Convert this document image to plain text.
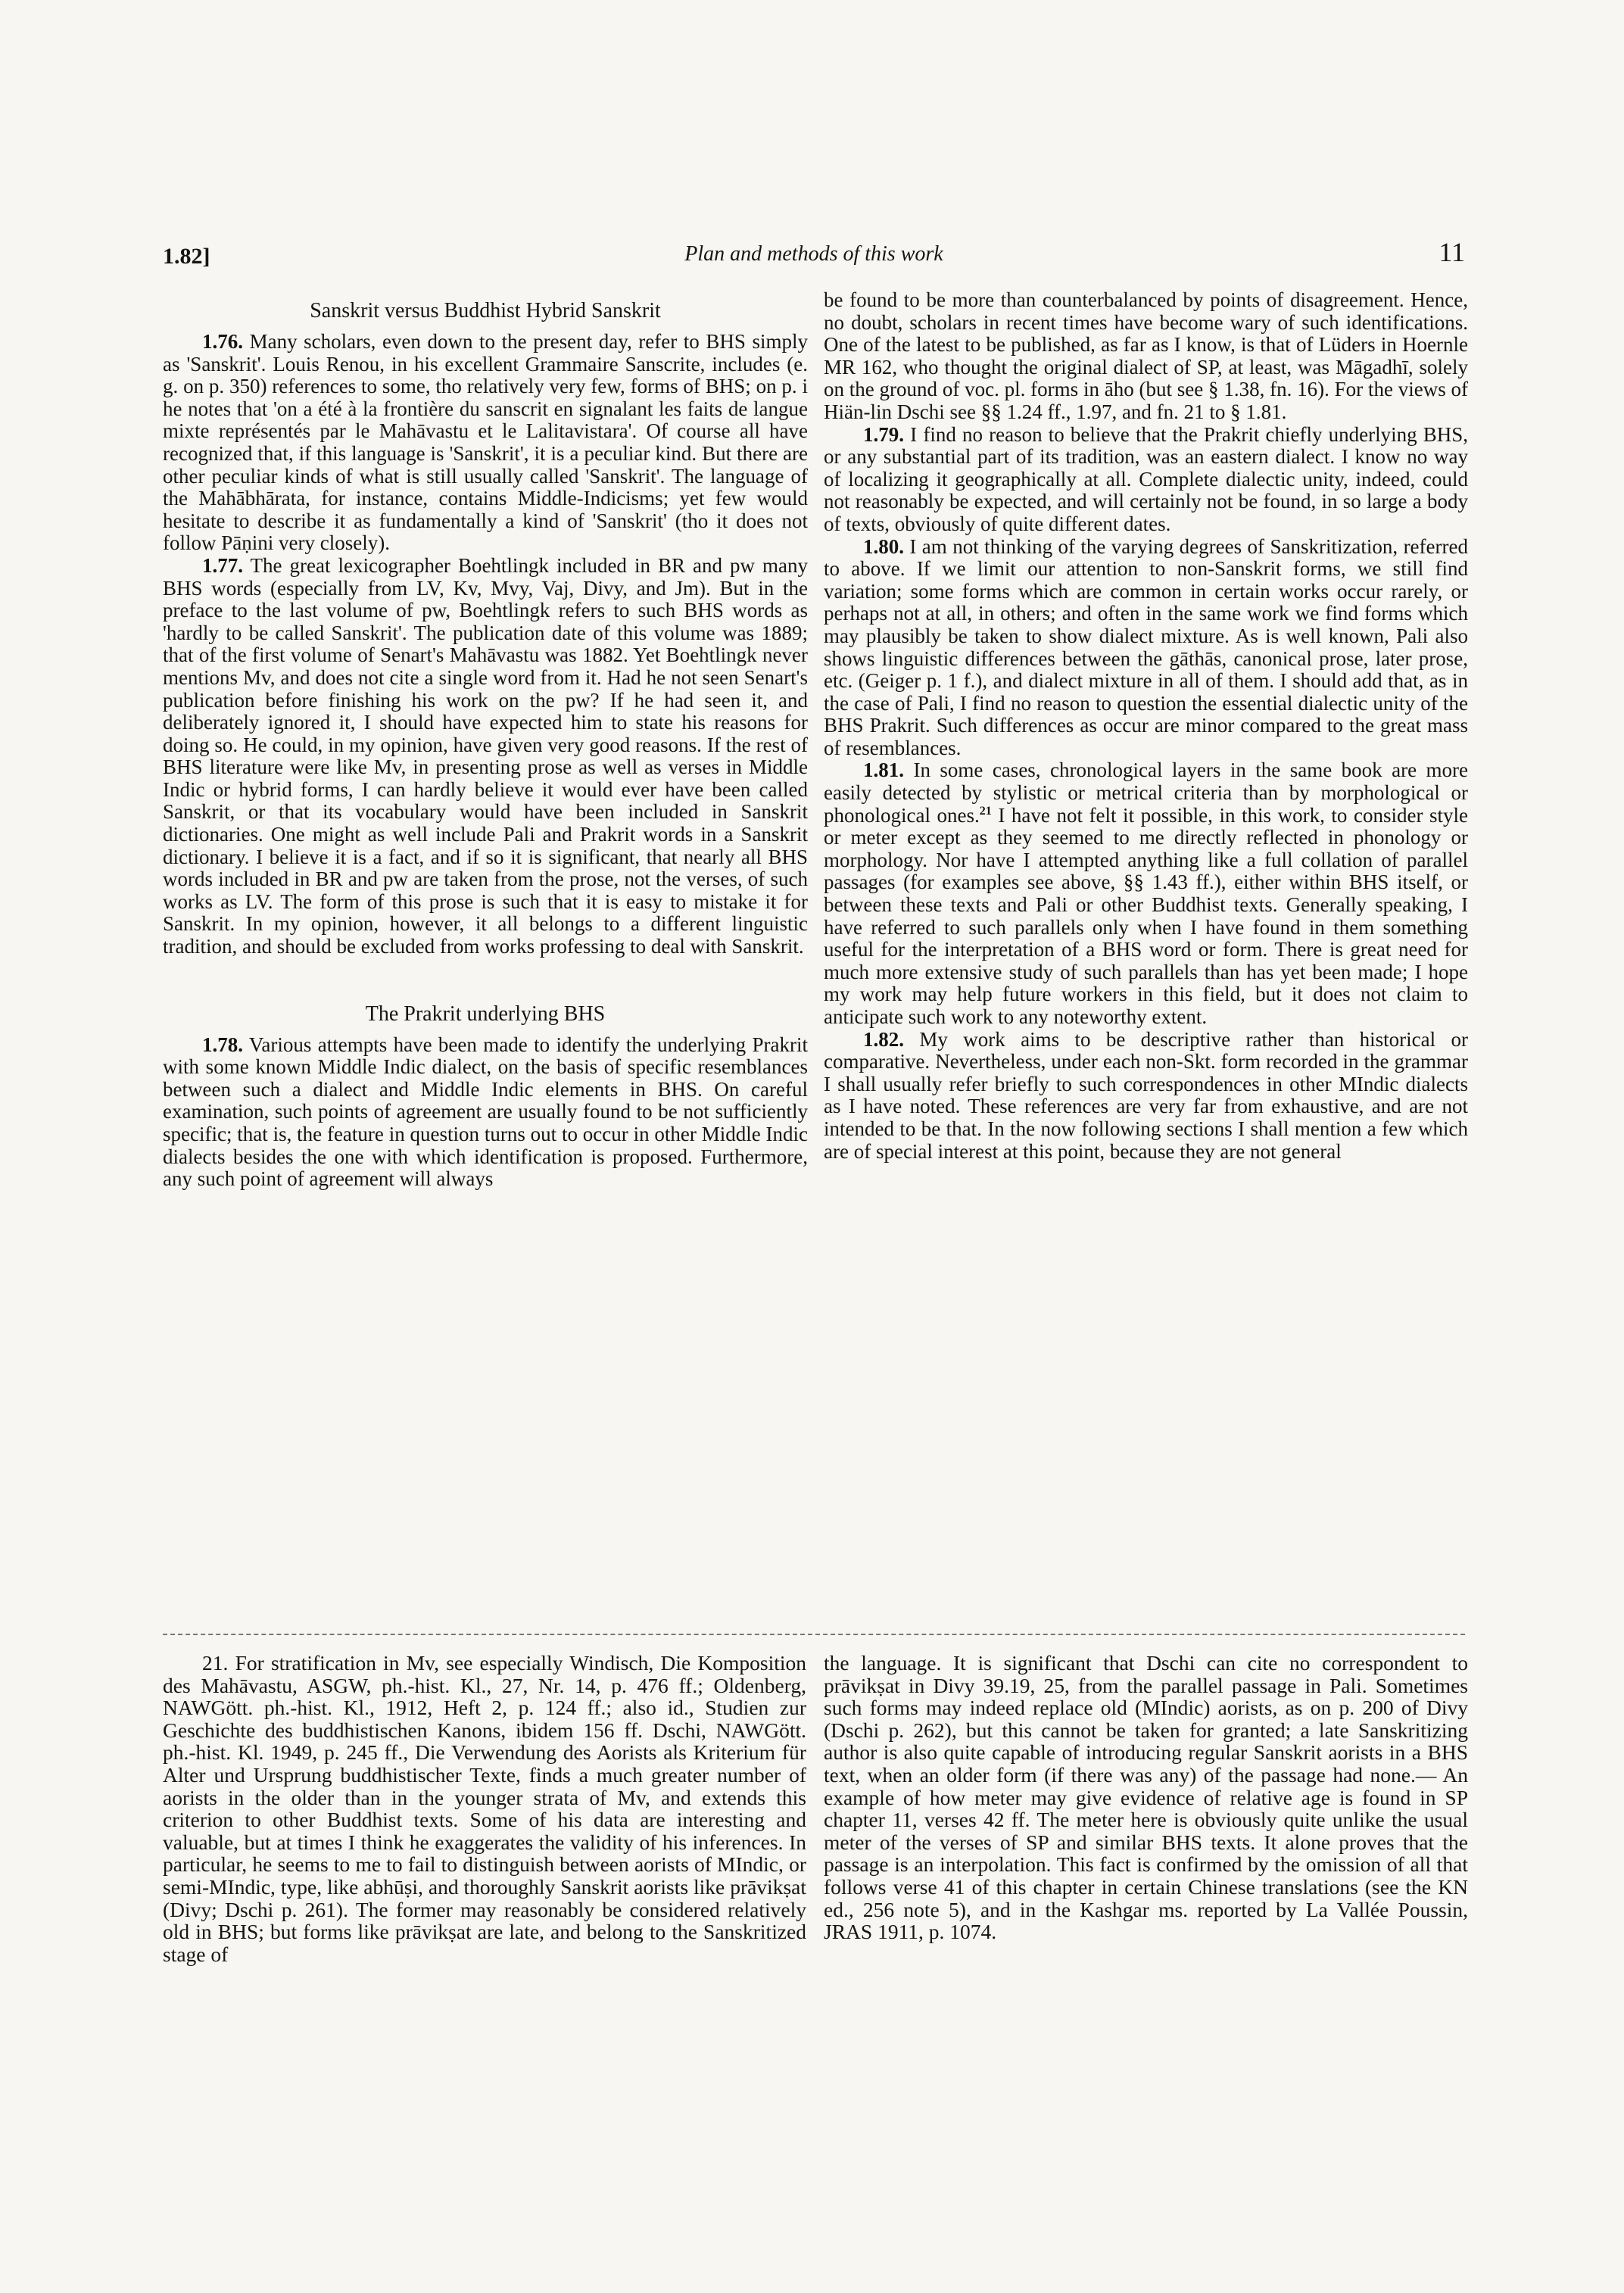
1.82]	Plan and methods of this work	11
Sanskrit versus Buddhist Hybrid Sanskrit

1.76. Many scholars, even down to the present day, refer to BHS simply as 'Sanskrit'. Louis Renou, in his excellent Grammaire Sanscrite, includes (e. g. on p. 350) references to some, tho relatively very few, forms of BHS; on p. i he notes that 'on a été à la frontière du sanscrit en signalant les faits de langue mixte représentés par le Mahāvastu et le Lalitavistara'. Of course all have recognized that, if this language is 'Sanskrit', it is a peculiar kind. But there are other peculiar kinds of what is still usually called 'Sanskrit'. The language of the Mahābhārata, for instance, contains Middle-Indicisms; yet few would hesitate to describe it as fundamentally a kind of 'Sanskrit' (tho it does not follow Pāṇini very closely).

1.77. The great lexicographer Boehtlingk included in BR and pw many BHS words (especially from LV, Kv, Mvy, Vaj, Divy, and Jm). But in the preface to the last volume of pw, Boehtlingk refers to such BHS words as 'hardly to be called Sanskrit'. The publication date of this volume was 1889; that of the first volume of Senart's Mahāvastu was 1882. Yet Boehtlingk never mentions Mv, and does not cite a single word from it. Had he not seen Senart's publication before finishing his work on the pw? If he had seen it, and deliberately ignored it, I should have expected him to state his reasons for doing so. He could, in my opinion, have given very good reasons. If the rest of BHS literature were like Mv, in presenting prose as well as verses in Middle Indic or hybrid forms, I can hardly believe it would ever have been called Sanskrit, or that its vocabulary would have been included in Sanskrit dictionaries. One might as well include Pali and Prakrit words in a Sanskrit dictionary. I believe it is a fact, and if so it is significant, that nearly all BHS words included in BR and pw are taken from the prose, not the verses, of such works as LV. The form of this prose is such that it is easy to mistake it for Sanskrit. In my opinion, however, it all belongs to a different linguistic tradition, and should be excluded from works professing to deal with Sanskrit.

The Prakrit underlying BHS

1.78. Various attempts have been made to identify the underlying Prakrit with some known Middle Indic dialect, on the basis of specific resemblances between such a dialect and Middle Indic elements in BHS. On careful examination, such points of agreement are usually found to be not sufficiently specific; that is, the feature in question turns out to occur in other Middle Indic dialects besides the one with which identification is proposed. Furthermore, any such point of agreement will always

be found to be more than counterbalanced by points of disagreement. Hence, no doubt, scholars in recent times have become wary of such identifications. One of the latest to be published, as far as I know, is that of Lüders in Hoernle MR 162, who thought the original dialect of SP, at least, was Māgadhī, solely on the ground of voc. pl. forms in āho (but see § 1.38, fn. 16). For the views of Hiän-lin Dschi see §§ 1.24 ff., 1.97, and fn. 21 to § 1.81.

1.79. I find no reason to believe that the Prakrit chiefly underlying BHS, or any substantial part of its tradition, was an eastern dialect. I know no way of localizing it geographically at all. Complete dialectic unity, indeed, could not reasonably be expected, and will certainly not be found, in so large a body of texts, obviously of quite different dates.

1.80. I am not thinking of the varying degrees of Sanskritization, referred to above. If we limit our attention to non-Sanskrit forms, we still find variation; some forms which are common in certain works occur rarely, or perhaps not at all, in others; and often in the same work we find forms which may plausibly be taken to show dialect mixture. As is well known, Pali also shows linguistic differences between the gāthās, canonical prose, later prose, etc. (Geiger p. 1 f.), and dialect mixture in all of them. I should add that, as in the case of Pali, I find no reason to question the essential dialectic unity of the BHS Prakrit. Such differences as occur are minor compared to the great mass of resemblances.

1.81. In some cases, chronological layers in the same book are more easily detected by stylistic or metrical criteria than by morphological or phonological ones.$^{21}$ I have not felt it possible, in this work, to consider style or meter except as they seemed to me directly reflected in phonology or morphology. Nor have I attempted anything like a full collation of parallel passages (for examples see above, §§ 1.43 ff.), either within BHS itself, or between these texts and Pali or other Buddhist texts. Generally speaking, I have referred to such parallels only when I have found in them something useful for the interpretation of a BHS word or form. There is great need for much more extensive study of such parallels than has yet been made; I hope my work may help future workers in this field, but it does not claim to anticipate such work to any noteworthy extent.

1.82. My work aims to be descriptive rather than historical or comparative. Nevertheless, under each non-Skt. form recorded in the grammar I shall usually refer briefly to such correspondences in other MIndic dialects as I have noted. These references are very far from exhaustive, and are not intended to be that. In the now following sections I shall mention a few which are of special interest at this point, because they are not general

21. For stratification in Mv, see especially Windisch, Die Komposition des Mahāvastu, ASGW, ph.-hist. Kl., 27, Nr. 14, p. 476 ff.; Oldenberg, NAWGött. ph.-hist. Kl., 1912, Heft 2, p. 124 ff.; also id., Studien zur Geschichte des buddhistischen Kanons, ibidem 156 ff. Dschi, NAWGött. ph.-hist. Kl. 1949, p. 245 ff., Die Verwendung des Aorists als Kriterium für Alter und Ursprung buddhistischer Texte, finds a much greater number of aorists in the older than in the younger strata of Mv, and extends this criterion to other Buddhist texts. Some of his data are interesting and valuable, but at times I think he exaggerates the validity of his inferences. In particular, he seems to me to fail to distinguish between aorists of MIndic, or semi-MIndic, type, like abhūṣi, and thoroughly Sanskrit aorists like prāvikṣat (Divy; Dschi p. 261). The former may reasonably be considered relatively old in BHS; but forms like prāvikṣat are late, and belong to the Sanskritized stage of

the language. It is significant that Dschi can cite no correspondent to prāvikṣat in Divy 39.19, 25, from the parallel passage in Pali. Sometimes such forms may indeed replace old (MIndic) aorists, as on p. 200 of Divy (Dschi p. 262), but this cannot be taken for granted; a late Sanskritizing author is also quite capable of introducing regular Sanskrit aorists in a BHS text, when an older form (if there was any) of the passage had none.— An example of how meter may give evidence of relative age is found in SP chapter 11, verses 42 ff. The meter here is obviously quite unlike the usual meter of the verses of SP and similar BHS texts. It alone proves that the passage is an interpolation. This fact is confirmed by the omission of all that follows verse 41 of this chapter in certain Chinese translations (see the KN ed., 256 note 5), and in the Kashgar ms. reported by La Vallée Poussin, JRAS 1911, p. 1074.
